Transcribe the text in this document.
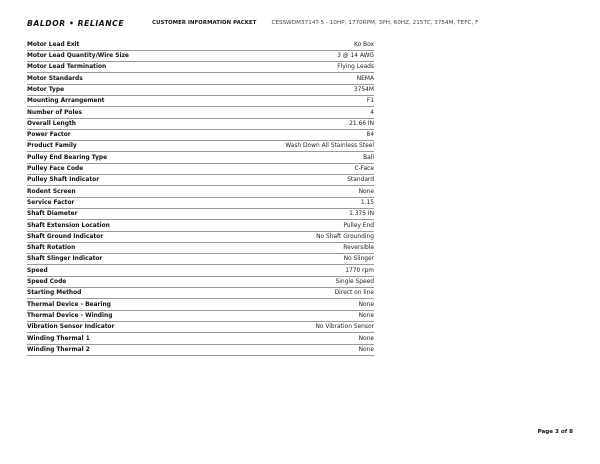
BALDOR • RELIANCE	CUSTOMER INFORMATION PACKET	CESSWDM3714T-5 - 10HP, 1770RPM, 3PH, 60HZ, 215TC, 3754M, TEFC, F
Motor Lead Exit	Ko Box
Motor Lead Quantity/Wire Size	3 @ 14 AWG
Motor Lead Termination	Flying Leads
Motor Standards	NEMA
Motor Type	3754M
Mounting Arrangement	F1
Number of Poles	4
Overall Length	21.66 IN
Power Factor	84
Product Family	Wash Down All Stainless Steel
Pulley End Bearing Type	Ball
Pulley Face Code	C-Face
Pulley Shaft Indicator	Standard
Rodent Screen	None
Service Factor	1.15
Shaft Diameter	1.375 IN
Shaft Extension Location	Pulley End
Shaft Ground Indicator	No Shaft Grounding
Shaft Rotation	Reversible
Shaft Slinger Indicator	No Slinger
Speed	1770 rpm
Speed Code	Single Speed
Starting Method	Direct on line
Thermal Device - Bearing	None
Thermal Device - Winding	None
Vibration Sensor Indicator	No Vibration Sensor
Winding Thermal 1	None
Winding Thermal 2	None
Page 3 of 8
